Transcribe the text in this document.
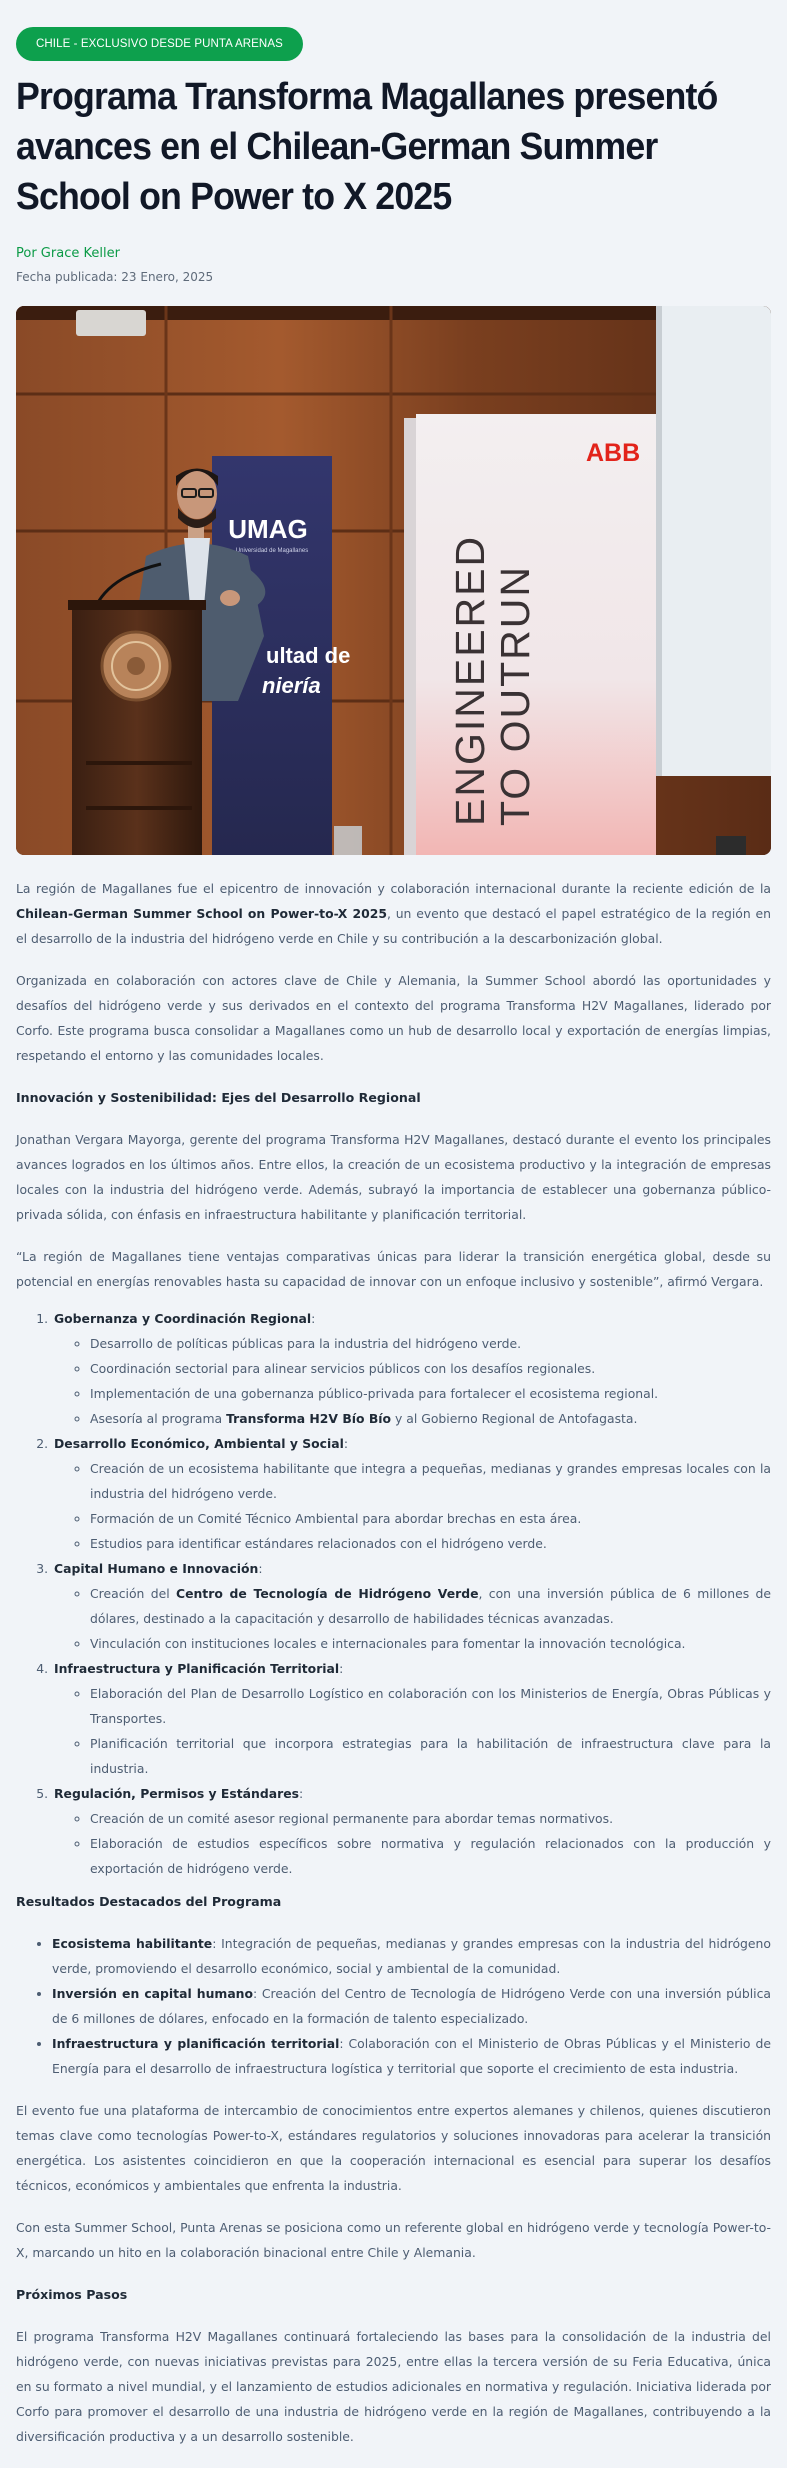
CHILE - EXCLUSIVO DESDE PUNTA ARENAS
Programa Transforma Magallanes presentó avances en el Chilean-German Summer School on Power to X 2025
Por Grace Keller
Fecha publicada: 23 Enero, 2025
UMAG
Universidad de Magallanes
ultad de
niería
ABB
ENGINEERED TO OUTRUN

La región de Magallanes fue el epicentro de innovación y colaboración internacional durante la reciente edición de la Chilean-German Summer School on Power-to-X 2025, un evento que destacó el papel estratégico de la región en el desarrollo de la industria del hidrógeno verde en Chile y su contribución a la descarbonización global.

Organizada en colaboración con actores clave de Chile y Alemania, la Summer School abordó las oportunidades y desafíos del hidrógeno verde y sus derivados en el contexto del programa Transforma H2V Magallanes, liderado por Corfo. Este programa busca consolidar a Magallanes como un hub de desarrollo local y exportación de energías limpias, respetando el entorno y las comunidades locales.

Innovación y Sostenibilidad: Ejes del Desarrollo Regional

Jonathan Vergara Mayorga, gerente del programa Transforma H2V Magallanes, destacó durante el evento los principales avances logrados en los últimos años. Entre ellos, la creación de un ecosistema productivo y la integración de empresas locales con la industria del hidrógeno verde. Además, subrayó la importancia de establecer una gobernanza público-privada sólida, con énfasis en infraestructura habilitante y planificación territorial.

“La región de Magallanes tiene ventajas comparativas únicas para liderar la transición energética global, desde su potencial en energías renovables hasta su capacidad de innovar con un enfoque inclusivo y sostenible”, afirmó Vergara.

1. Gobernanza y Coordinación Regional:
◦ Desarrollo de políticas públicas para la industria del hidrógeno verde.
◦ Coordinación sectorial para alinear servicios públicos con los desafíos regionales.
◦ Implementación de una gobernanza público-privada para fortalecer el ecosistema regional.
◦ Asesoría al programa Transforma H2V Bío Bío y al Gobierno Regional de Antofagasta.
2. Desarrollo Económico, Ambiental y Social:
◦ Creación de un ecosistema habilitante que integra a pequeñas, medianas y grandes empresas locales con la industria del hidrógeno verde.
◦ Formación de un Comité Técnico Ambiental para abordar brechas en esta área.
◦ Estudios para identificar estándares relacionados con el hidrógeno verde.
3. Capital Humano e Innovación:
◦ Creación del Centro de Tecnología de Hidrógeno Verde, con una inversión pública de 6 millones de dólares, destinado a la capacitación y desarrollo de habilidades técnicas avanzadas.
◦ Vinculación con instituciones locales e internacionales para fomentar la innovación tecnológica.
4. Infraestructura y Planificación Territorial:
◦ Elaboración del Plan de Desarrollo Logístico en colaboración con los Ministerios de Energía, Obras Públicas y Transportes.
◦ Planificación territorial que incorpora estrategias para la habilitación de infraestructura clave para la industria.
5. Regulación, Permisos y Estándares:
◦ Creación de un comité asesor regional permanente para abordar temas normativos.
◦ Elaboración de estudios específicos sobre normativa y regulación relacionados con la producción y exportación de hidrógeno verde.
Resultados Destacados del Programa
• Ecosistema habilitante: Integración de pequeñas, medianas y grandes empresas con la industria del hidrógeno verde, promoviendo el desarrollo económico, social y ambiental de la comunidad.
• Inversión en capital humano: Creación del Centro de Tecnología de Hidrógeno Verde con una inversión pública de 6 millones de dólares, enfocado en la formación de talento especializado.
• Infraestructura y planificación territorial: Colaboración con el Ministerio de Obras Públicas y el Ministerio de Energía para el desarrollo de infraestructura logística y territorial que soporte el crecimiento de esta industria.

El evento fue una plataforma de intercambio de conocimientos entre expertos alemanes y chilenos, quienes discutieron temas clave como tecnologías Power-to-X, estándares regulatorios y soluciones innovadoras para acelerar la transición energética. Los asistentes coincidieron en que la cooperación internacional es esencial para superar los desafíos técnicos, económicos y ambientales que enfrenta la industria.

Con esta Summer School, Punta Arenas se posiciona como un referente global en hidrógeno verde y tecnología Power-to-X, marcando un hito en la colaboración binacional entre Chile y Alemania.

Próximos Pasos

El programa Transforma H2V Magallanes continuará fortaleciendo las bases para la consolidación de la industria del hidrógeno verde, con nuevas iniciativas previstas para 2025, entre ellas la tercera versión de su Feria Educativa, única en su formato a nivel mundial, y el lanzamiento de estudios adicionales en normativa y regulación. Iniciativa liderada por Corfo para promover el desarrollo de una industria de hidrógeno verde en la región de Magallanes, contribuyendo a la diversificación productiva y a un desarrollo sostenible.
